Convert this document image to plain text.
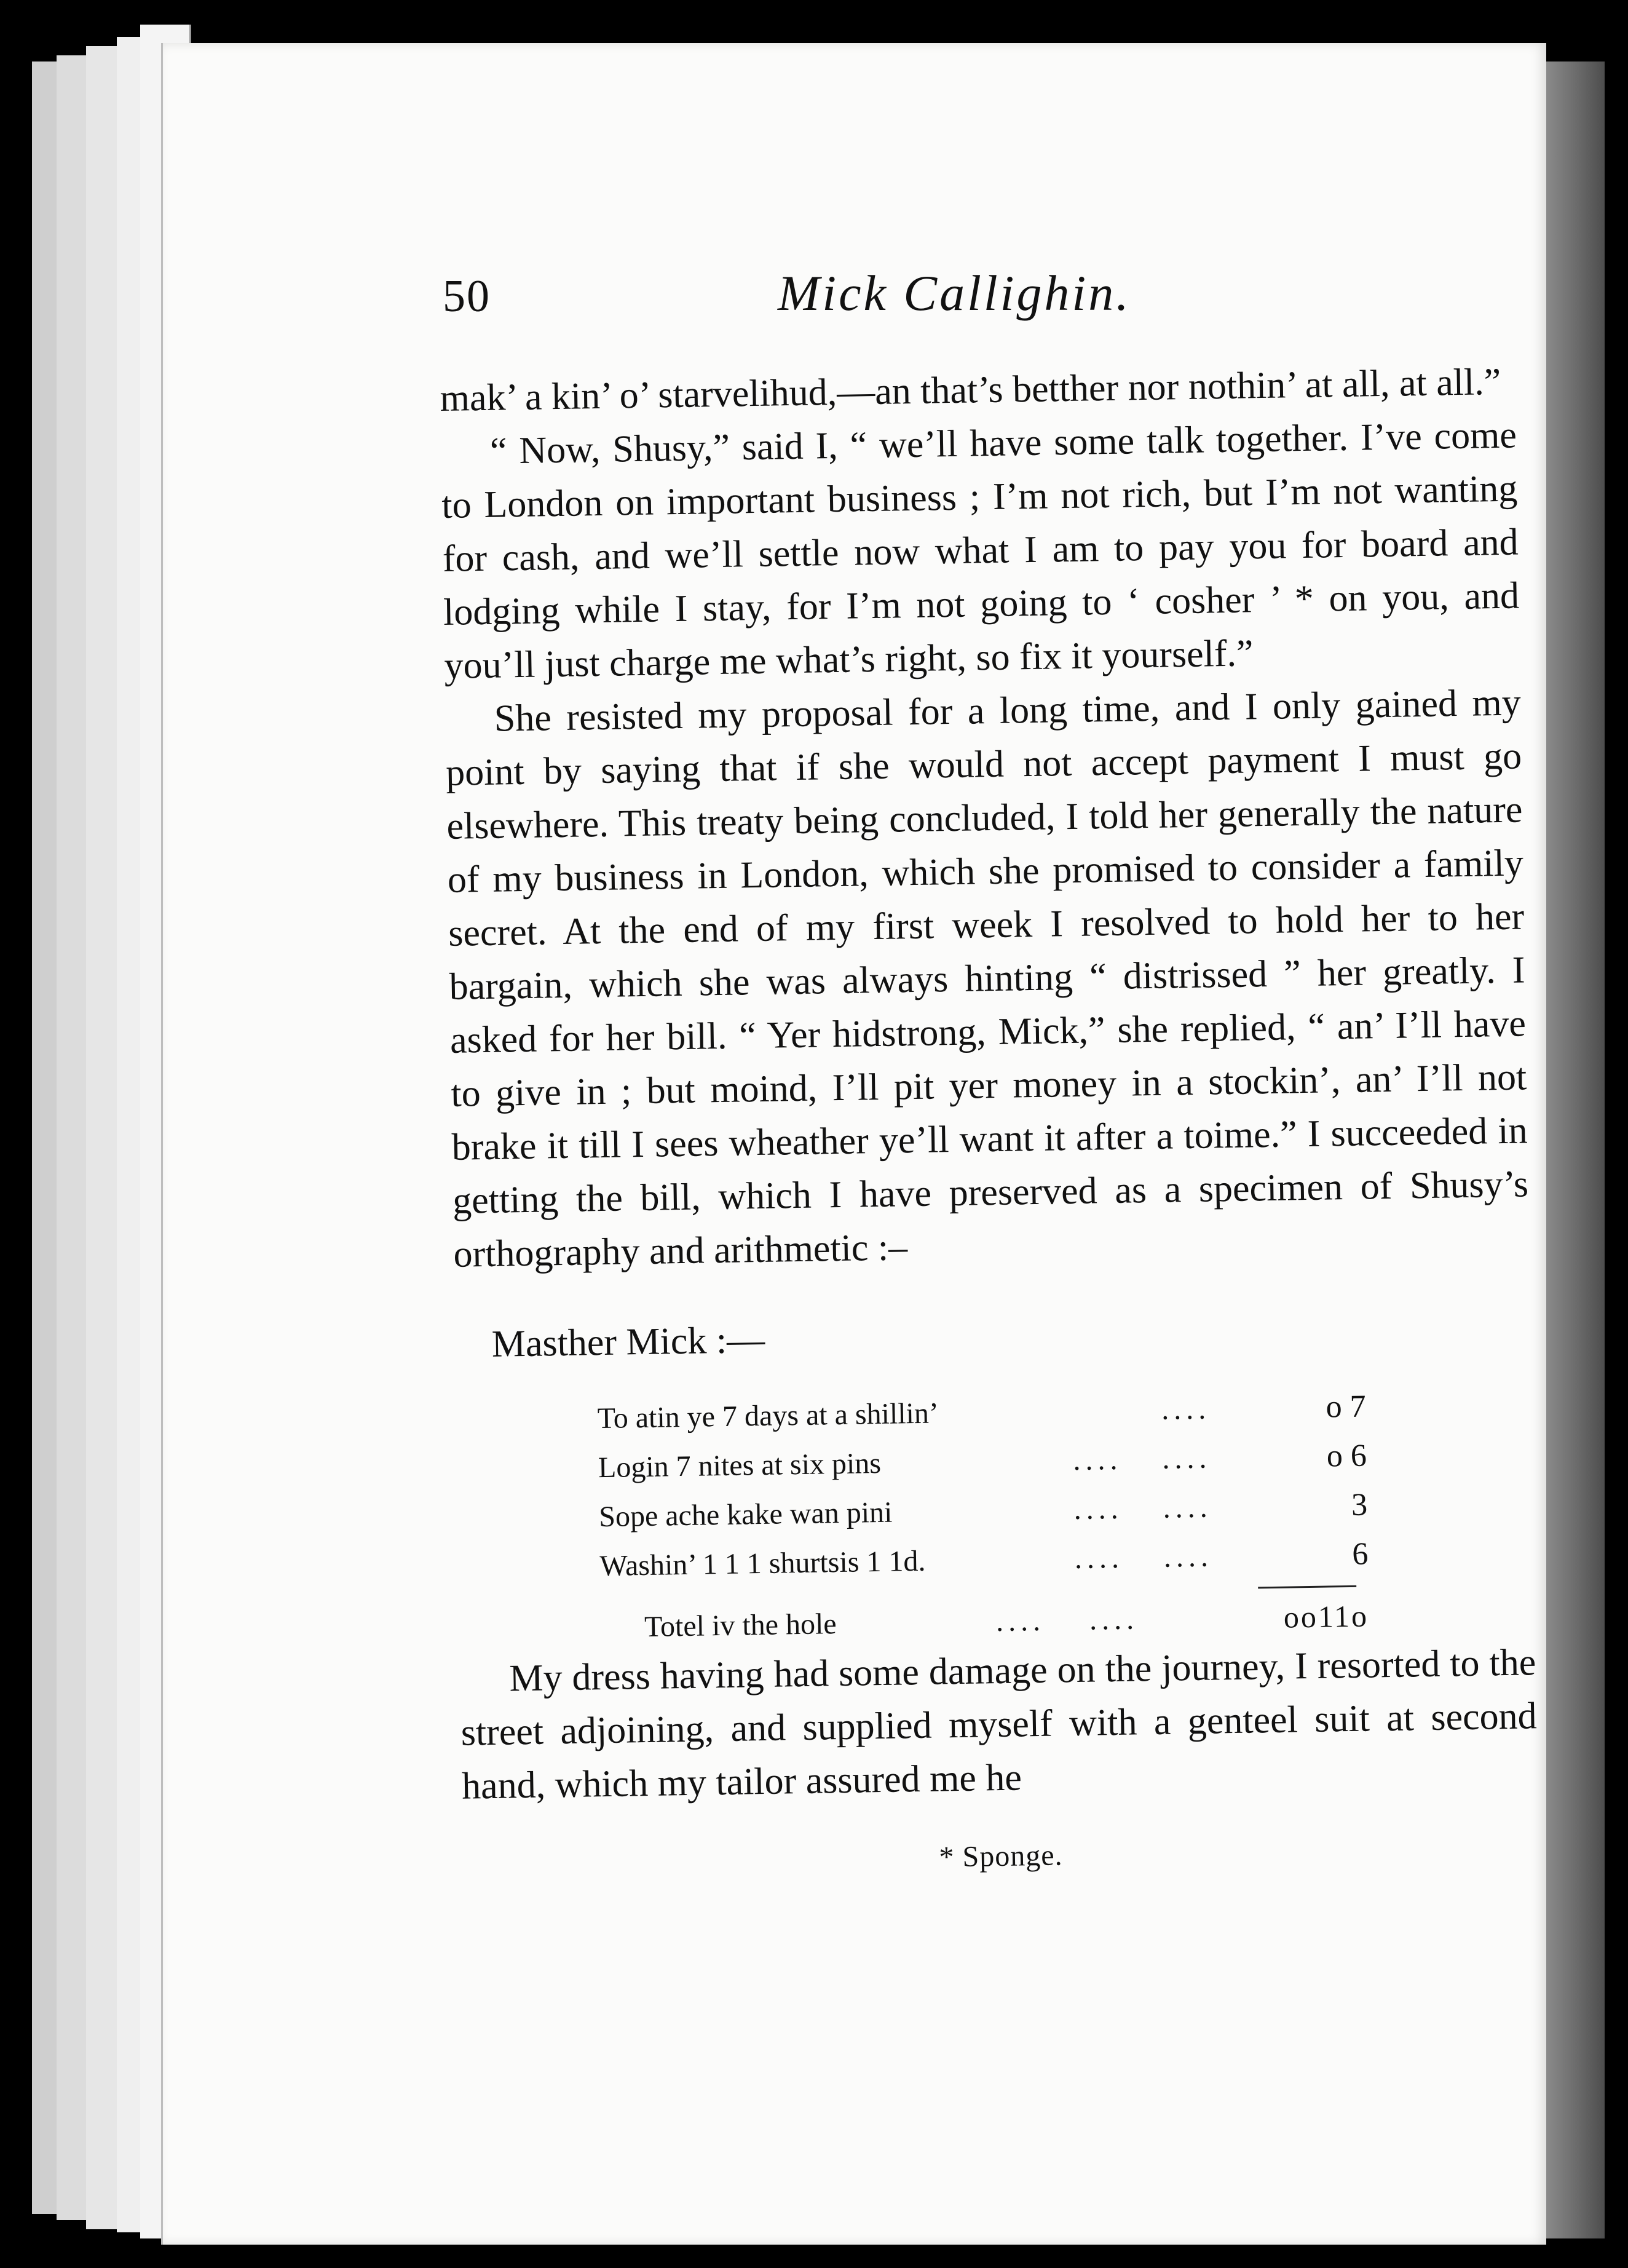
50	Mick Callighin.

mak’ a kin’ o’ starvelihud,—an that’s betther nor nothin’ at all, at all.”

“ Now, Shusy,” said I, “ we’ll have some talk together. I’ve come to London on important business ; I’m not rich, but I’m not wanting for cash, and we’ll settle now what I am to pay you for board and lodging while I stay, for I’m not going to ‘ cosher ’ * on you, and you’ll just charge me what’s right, so fix it yourself.”

She resisted my proposal for a long time, and I only gained my point by saying that if she would not accept payment I must go elsewhere. This treaty being concluded, I told her generally the nature of my business in London, which she promised to consider a family secret. At the end of my first week I resolved to hold her to her bargain, which she was always hinting “ distrissed ” her greatly. I asked for her bill. “ Yer hidstrong, Mick,” she replied, “ an’ I’ll have to give in ; but moind, I’ll pit yer money in a stockin’, an’ I’ll not brake it till I sees wheather ye’ll want it after a toime.” I succeeded in getting the bill, which I have preserved as a specimen of Shusy’s orthography and arithmetic :–

Masther Mick :—
To atin ye 7 days at a shillin’		....	o 7
Login 7 nites at six pins	....	....	o 6
Sope ache kake wan pini	....	....	3
Washin’ 1 1 1 shurtsis 1 1d.	....	....	6
Totel iv the hole	....	....	oo11o

My dress having had some damage on the journey, I resorted to the street adjoining, and supplied myself with a genteel suit at second hand, which my tailor assured me he

* Sponge.
